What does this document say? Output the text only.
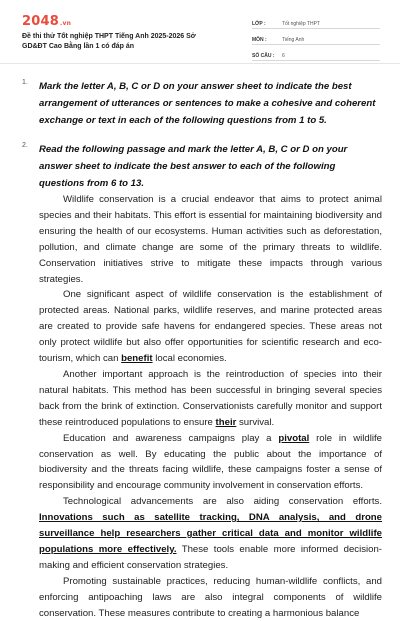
2048.vn
Đề thi thử Tốt nghiệp THPT Tiếng Anh 2025-2026 Sở GD&ĐT Cao Bằng lần 1 có đáp án
LỚP :	Tốt nghiệp THPT
MÔN :	Tiếng Anh
SỐ CÂU :	6
1. Mark the letter A, B, C or D on your answer sheet to indicate the best arrangement of utterances or sentences to make a cohesive and coherent exchange or text in each of the following questions from 1 to 5.
2. Read the following passage and mark the letter A, B, C or D on your answer sheet to indicate the best answer to each of the following questions from 6 to 13.

Wildlife conservation is a crucial endeavor that aims to protect animal species and their habitats. This effort is essential for maintaining biodiversity and ensuring the health of our ecosystems. Human activities such as deforestation, pollution, and climate change are some of the primary threats to wildlife. Conservation initiatives strive to mitigate these impacts through various strategies.

One significant aspect of wildlife conservation is the establishment of protected areas. National parks, wildlife reserves, and marine protected areas are created to provide safe havens for endangered species. These areas not only protect wildlife but also offer opportunities for scientific research and eco-tourism, which can benefit local economies.

Another important approach is the reintroduction of species into their natural habitats. This method has been successful in bringing several species back from the brink of extinction. Conservationists carefully monitor and support these reintroduced populations to ensure their survival.

Education and awareness campaigns play a pivotal role in wildlife conservation as well. By educating the public about the importance of biodiversity and the threats facing wildlife, these campaigns foster a sense of responsibility and encourage community involvement in conservation efforts.

Technological advancements are also aiding conservation efforts. Innovations such as satellite tracking, DNA analysis, and drone surveillance help researchers gather critical data and monitor wildlife populations more effectively. These tools enable more informed decision-making and efficient conservation strategies.

Promoting sustainable practices, reducing human-wildlife conflicts, and enforcing antipoaching laws are also integral components of wildlife conservation. These measures contribute to creating a harmonious balance
